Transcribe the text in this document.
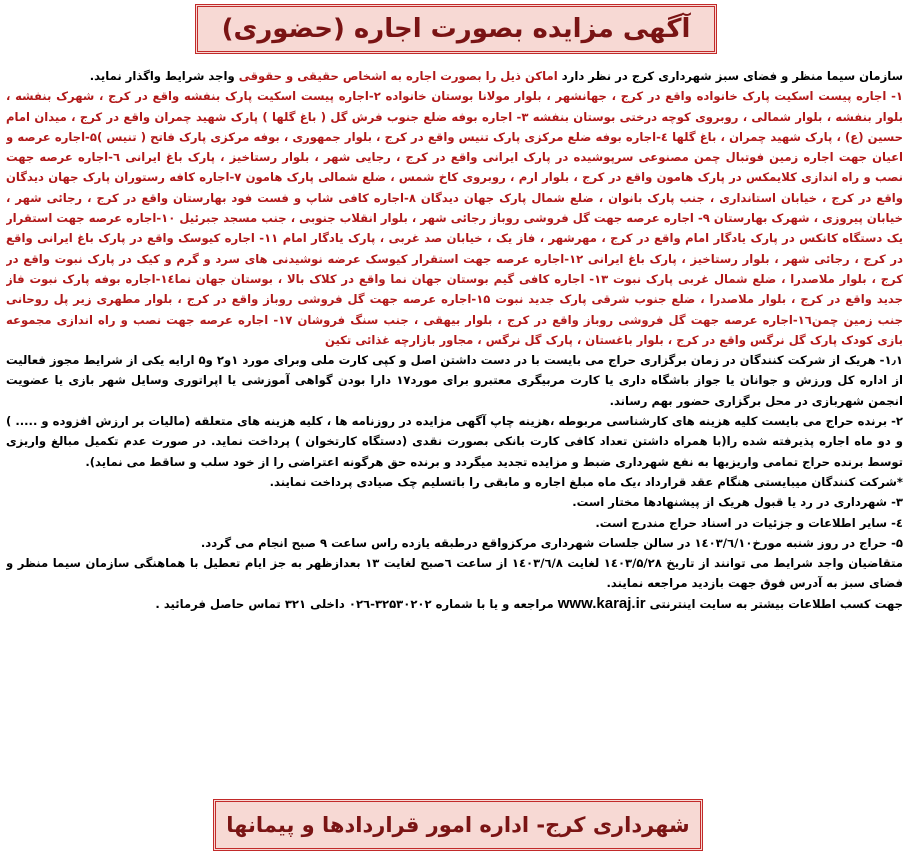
آگهی مزایده بصورت اجاره (حضوری)

سازمان سیما منظر و فضای سبز شهرداری کرج در نظر دارد اماکن ذیل را بصورت اجاره به اشخاص حقیقی و حقوقی واجد شرایط واگذار نماید.

۱- اجاره پیست اسکیت پارک خانواده واقع در کرج ، جهانشهر ، بلوار مولانا بوستان خانواده ۲-اجاره پیست اسکیت پارک بنفشه واقع در کرج ، شهرک بنفشه ، بلوار بنفشه ، بلوار شمالی ، روبروی کوچه درختی بوستان بنفشه ۳- اجاره بوفه ضلع جنوب فرش گل ( باغ گلها ) پارک شهید چمران واقع در کرج ، میدان امام حسین (ع) ، پارک شهید چمران ، باغ گلها ٤-اجاره بوفه ضلع مرکزی پارک تنیس واقع در کرج ، بلوار جمهوری ، بوفه مرکزی پارک فاتح ( تنیس )۵-اجاره عرصه و اعیان جهت اجاره زمین فوتبال چمن مصنوعی سرپوشیده در پارک ایرانی واقع در کرج ، رجایی شهر ، بلوار رستاخیز ، پارک باغ ایرانی ٦-اجاره عرصه جهت نصب و راه اندازی کلایمکس در پارک هامون واقع در کرج ، بلوار ارم ، روبروی کاخ شمس ، ضلع شمالی پارک هامون ۷-اجاره کافه رستوران پارک جهان دیدگان واقع در کرج ، خیابان استانداری ، جنب پارک بانوان ، ضلع شمال پارک جهان دیدگان ۸-اجاره کافی شاپ و فست فود بهارستان واقع در کرج ، رجائی شهر ، خیابان پیروزی ، شهرک بهارستان ۹- اجاره عرصه جهت گل فروشی روباز رجائی شهر ، بلوار انقلاب جنوبی ، جنب مسجد جبرئیل ۱۰-اجاره عرصه جهت استقرار یک دستگاه کانکس در پارک یادگار امام واقع در کرج ، مهرشهر ، فاز یک ، خیابان صد غربی ، پارک یادگار امام ۱۱- اجاره کیوسک واقع در پارک باغ ایرانی واقع در کرج ، رجائی شهر ، بلوار رستاخیز ، پارک باغ ایرانی ۱۲-اجاره عرصه جهت استقرار کیوسک عرضه نوشیدنی های سرد و گرم و کیک در پارک نبوت واقع در کرج ، بلوار ملاصدرا ، ضلع شمال غربی پارک نبوت ۱۳- اجاره کافی گیم بوستان جهان نما واقع در کلاک بالا ، بوستان جهان نما۱٤-اجاره بوفه پارک نبوت فاز جدید واقع در کرج ، بلوار ملاصدرا ، ضلع جنوب شرقی پارک جدید نبوت ۱۵-اجاره عرصه جهت گل فروشی روباز واقع در کرج ، بلوار مطهری زیر پل روحانی جنب زمین چمن۱٦-اجاره عرصه جهت گل فروشی روباز واقع در کرج ، بلوار بیهقی ، جنب سنگ فروشان ۱۷- اجاره عرصه جهت نصب و راه اندازی مجموعه بازی کودک پارک گل نرگس واقع در کرج ، بلوار باغستان ، پارک گل نرگس ، مجاور بازارچه غذائی تکین

۱٫۱- هریک از شرکت کنندگان در زمان برگزاری حراج می بایست با در دست داشتن اصل و کپی کارت ملی وبرای مورد ۱و۲ و۵ ارایه یکی از شرایط مجوز فعالیت از اداره کل ورزش و جوانان یا جواز باشگاه داری یا کارت مربیگری معتبرو برای مورد۱۷ دارا بودن گواهی آموزشی یا اپراتوری وسایل شهر بازی یا عضویت انجمن شهربازی در محل برگزاری حضور بهم رساند.

۲- برنده حراج می بایست کلیه هزینه های کارشناسی مربوطه ،هزینه چاپ آگهی مزایده در روزنامه ها ، کلیه هزینه های متعلقه (مالیات بر ارزش افزوده و ..... ) و دو ماه اجاره پذیرفته شده را(با همراه داشتن تعداد کافی کارت بانکی بصورت نقدی (دستگاه کارتخوان ) پرداخت نماید. در صورت عدم تکمیل مبالغ واریزی توسط برنده حراج تمامی واریزیها به نفع شهرداری ضبط و مزایده تجدید میگردد و برنده حق هرگونه اعتراضی را از خود سلب و ساقط می نماید).

*شرکت کنندگان میبایستی هنگام عقد قرارداد ،یک ماه مبلغ اجاره و مابقی را باتسلیم چک صیادی پرداخت نمایند.

۳- شهرداری در رد یا قبول هریک از پیشنهادها مختار است.

٤- سایر اطلاعات و جزئیات در اسناد حراج مندرج است.

۵- حراج در روز شنبه مورخ۱٤۰۳/٦/۱۰ در سالن جلسات شهرداری مرکزواقع درطبقه یازده راس ساعت ۹ صبح انجام می گردد.

متقاضیان واجد شرایط می توانند از تاریخ ۱٤۰۳/۵/۲۸ لغایت ۱٤۰۳/٦/۸ از ساعت ٦صبح لغایت ۱۳ بعدازظهر به جز ایام تعطیل با هماهنگی سازمان سیما منظر و فضای سبز به آدرس فوق جهت بازدید مراجعه نمایند.

جهت کسب اطلاعات بیشتر به سایت اینترنتی www.karaj.ir مراجعه و یا با شماره ۳۲۵۳۰۲۰۲-۰۲٦ داخلی ۳۲۱ تماس حاصل فرمائید .

شهرداری کرج- اداره امور قراردادها و پیمانها
